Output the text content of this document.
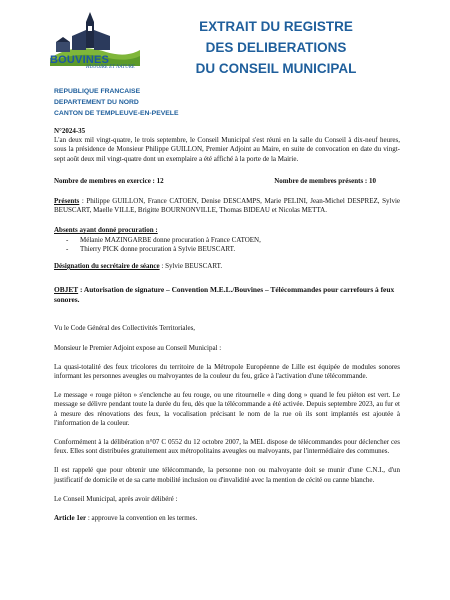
BOUVINES
HISTOIRE ET NATURE
EXTRAIT DU REGISTRE
DES DELIBERATIONS
DU CONSEIL MUNICIPAL
REPUBLIQUE FRANCAISE
DEPARTEMENT DU NORD
CANTON DE TEMPLEUVE-EN-PEVELE

N°2024-35

L'an deux mil vingt-quatre, le trois septembre, le Conseil Municipal s'est réuni en la salle du Conseil à dix-neuf heures, sous la présidence de Monsieur Philippe GUILLON, Premier Adjoint au Maire, en suite de convocation en date du vingt-sept août deux mil vingt-quatre dont un exemplaire a été affiché à la porte de la Mairie.

Nombre de membres en exercice : 12	Nombre de membres présents : 10

Présents : Philippe GUILLON, France CATOEN, Denise DESCAMPS, Marie PELINI, Jean-Michel DESPREZ, Sylvie BEUSCART, Maelle VILLE, Brigitte BOURNONVILLE, Thomas BIDEAU et Nicolas METTA.

Absents ayant donné procuration :

- Mélanie MAZINGARBE donne procuration à France CATOEN,
- Thierry PICK donne procuration à Sylvie BEUSCART.

Désignation du secrétaire de séance : Sylvie BEUSCART.

OBJET : Autorisation de signature – Convention M.E.L./Bouvines – Télécommandes pour carrefours à feux sonores.

Vu le Code Général des Collectivités Territoriales,

Monsieur le Premier Adjoint expose au Conseil Municipal :

La quasi-totalité des feux tricolores du territoire de la Métropole Européenne de Lille est équipée de modules sonores informant les personnes aveugles ou malvoyantes de la couleur du feu, grâce à l'activation d'une télécommande.

Le message « rouge piéton » s'enclenche au feu rouge, ou une ritournelle « ding dong » quand le feu piéton est vert. Le message se délivre pendant toute la durée du feu, dès que la télécommande a été activée. Depuis septembre 2023, au fur et à mesure des rénovations des feux, la vocalisation précisant le nom de la rue où ils sont implantés est ajoutée à l'information de la couleur.

Conformément à la délibération n°07 C 0552 du 12 octobre 2007, la MEL dispose de télécommandes pour déclencher ces feux. Elles sont distribuées gratuitement aux métropolitains aveugles ou malvoyants, par l'intermédiaire des communes.

Il est rappelé que pour obtenir une télécommande, la personne non ou malvoyante doit se munir d'une C.N.I., d'un justificatif de domicile et de sa carte mobilité inclusion ou d'invalidité avec la mention de cécité ou canne blanche.

Le Conseil Municipal, après avoir délibéré :

Article 1er : approuve la convention en les termes.
